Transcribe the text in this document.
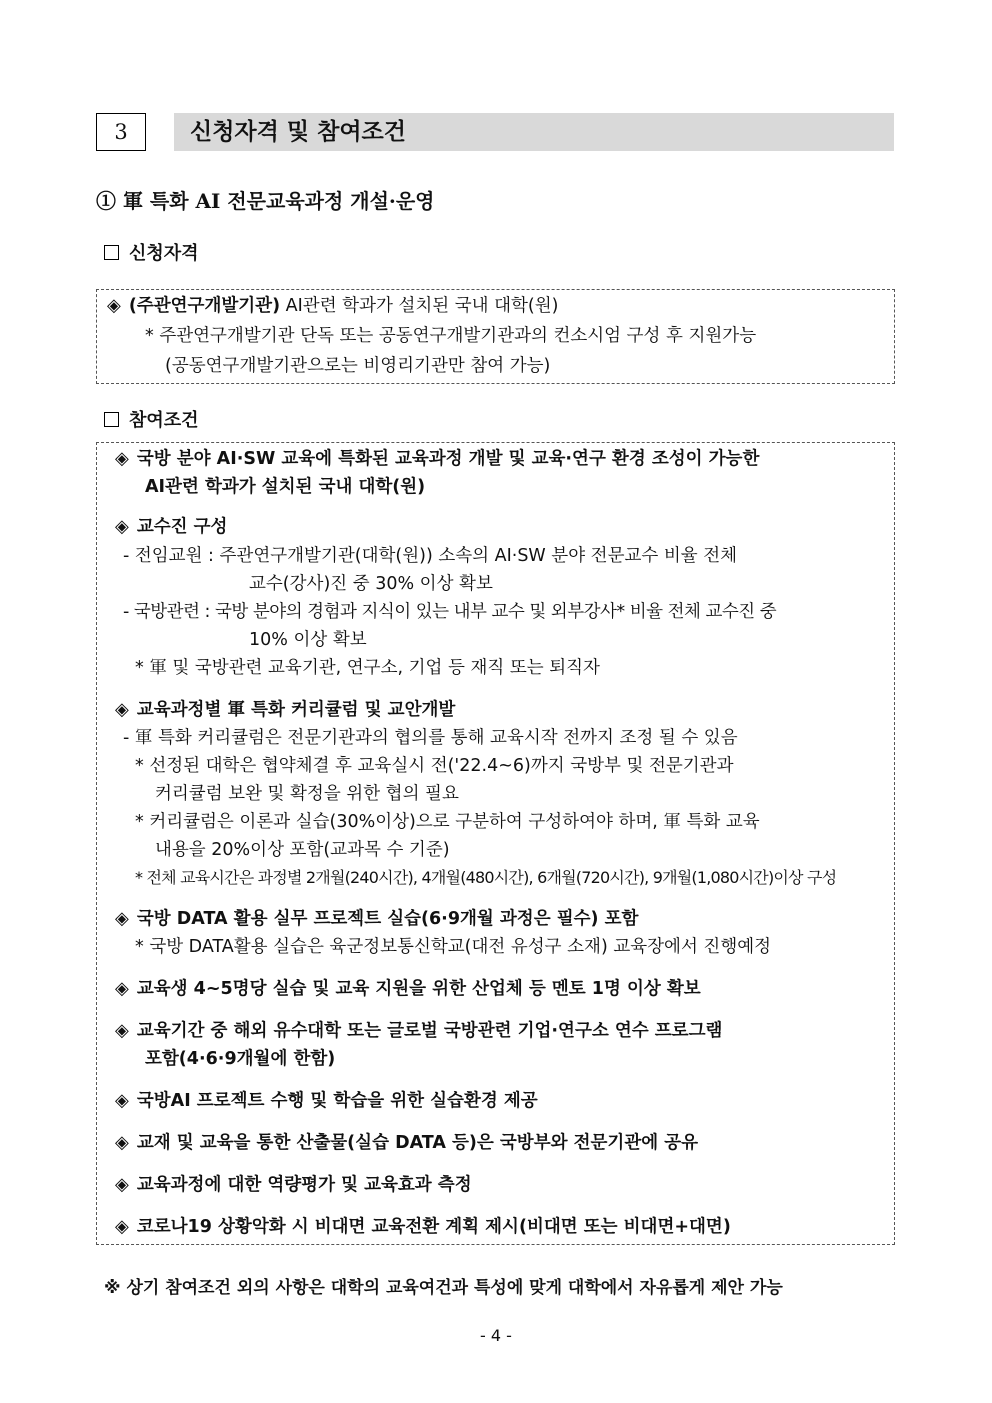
3	신청자격 및 참여조건
① 軍 특화 AI 전문교육과정 개설·운영
신청자격
◈ (주관연구개발기관) AI관련 학과가 설치된 국내 대학(원)
* 주관연구개발기관 단독 또는 공동연구개발기관과의 컨소시엄 구성 후 지원가능
(공동연구개발기관으로는 비영리기관만 참여 가능)
참여조건
◈ 국방 분야 AI·SW 교육에 특화된 교육과정 개발 및 교육·연구 환경 조성이 가능한
AI관련 학과가 설치된 국내 대학(원)
◈ 교수진 구성
- 전임교원 : 주관연구개발기관(대학(원)) 소속의 AI·SW 분야 전문교수 비율 전체
교수(강사)진 중 30% 이상 확보
- 국방관련 : 국방 분야의 경험과 지식이 있는 내부 교수 및 외부강사* 비율 전체 교수진 중
10% 이상 확보
* 軍 및 국방관련 교육기관, 연구소, 기업 등 재직 또는 퇴직자
◈ 교육과정별 軍 특화 커리큘럼 및 교안개발
- 軍 특화 커리큘럼은 전문기관과의 협의를 통해 교육시작 전까지 조정 될 수 있음
* 선정된 대학은 협약체결 후 교육실시 전('22.4~6)까지 국방부 및 전문기관과
커리큘럼 보완 및 확정을 위한 협의 필요
* 커리큘럼은 이론과 실습(30%이상)으로 구분하여 구성하여야 하며, 軍 특화 교육
내용을 20%이상 포함(교과목 수 기준)
* 전체 교육시간은 과정별 2개월(240시간), 4개월(480시간), 6개월(720시간), 9개월(1,080시간)이상 구성
◈ 국방 DATA 활용 실무 프로젝트 실습(6·9개월 과정은 필수) 포함
* 국방 DATA활용 실습은 육군정보통신학교(대전 유성구 소재) 교육장에서 진행예정
◈ 교육생 4~5명당 실습 및 교육 지원을 위한 산업체 등 멘토 1명 이상 확보
◈ 교육기간 중 해외 유수대학 또는 글로벌 국방관련 기업·연구소 연수 프로그램
포함(4·6·9개월에 한함)
◈ 국방AI 프로젝트 수행 및 학습을 위한 실습환경 제공
◈ 교재 및 교육을 통한 산출물(실습 DATA 등)은 국방부와 전문기관에 공유
◈ 교육과정에 대한 역량평가 및 교육효과 측정
◈ 코로나19 상황악화 시 비대면 교육전환 계획 제시(비대면 또는 비대면+대면)
※ 상기 참여조건 외의 사항은 대학의 교육여건과 특성에 맞게 대학에서 자유롭게 제안 가능
- 4 -
